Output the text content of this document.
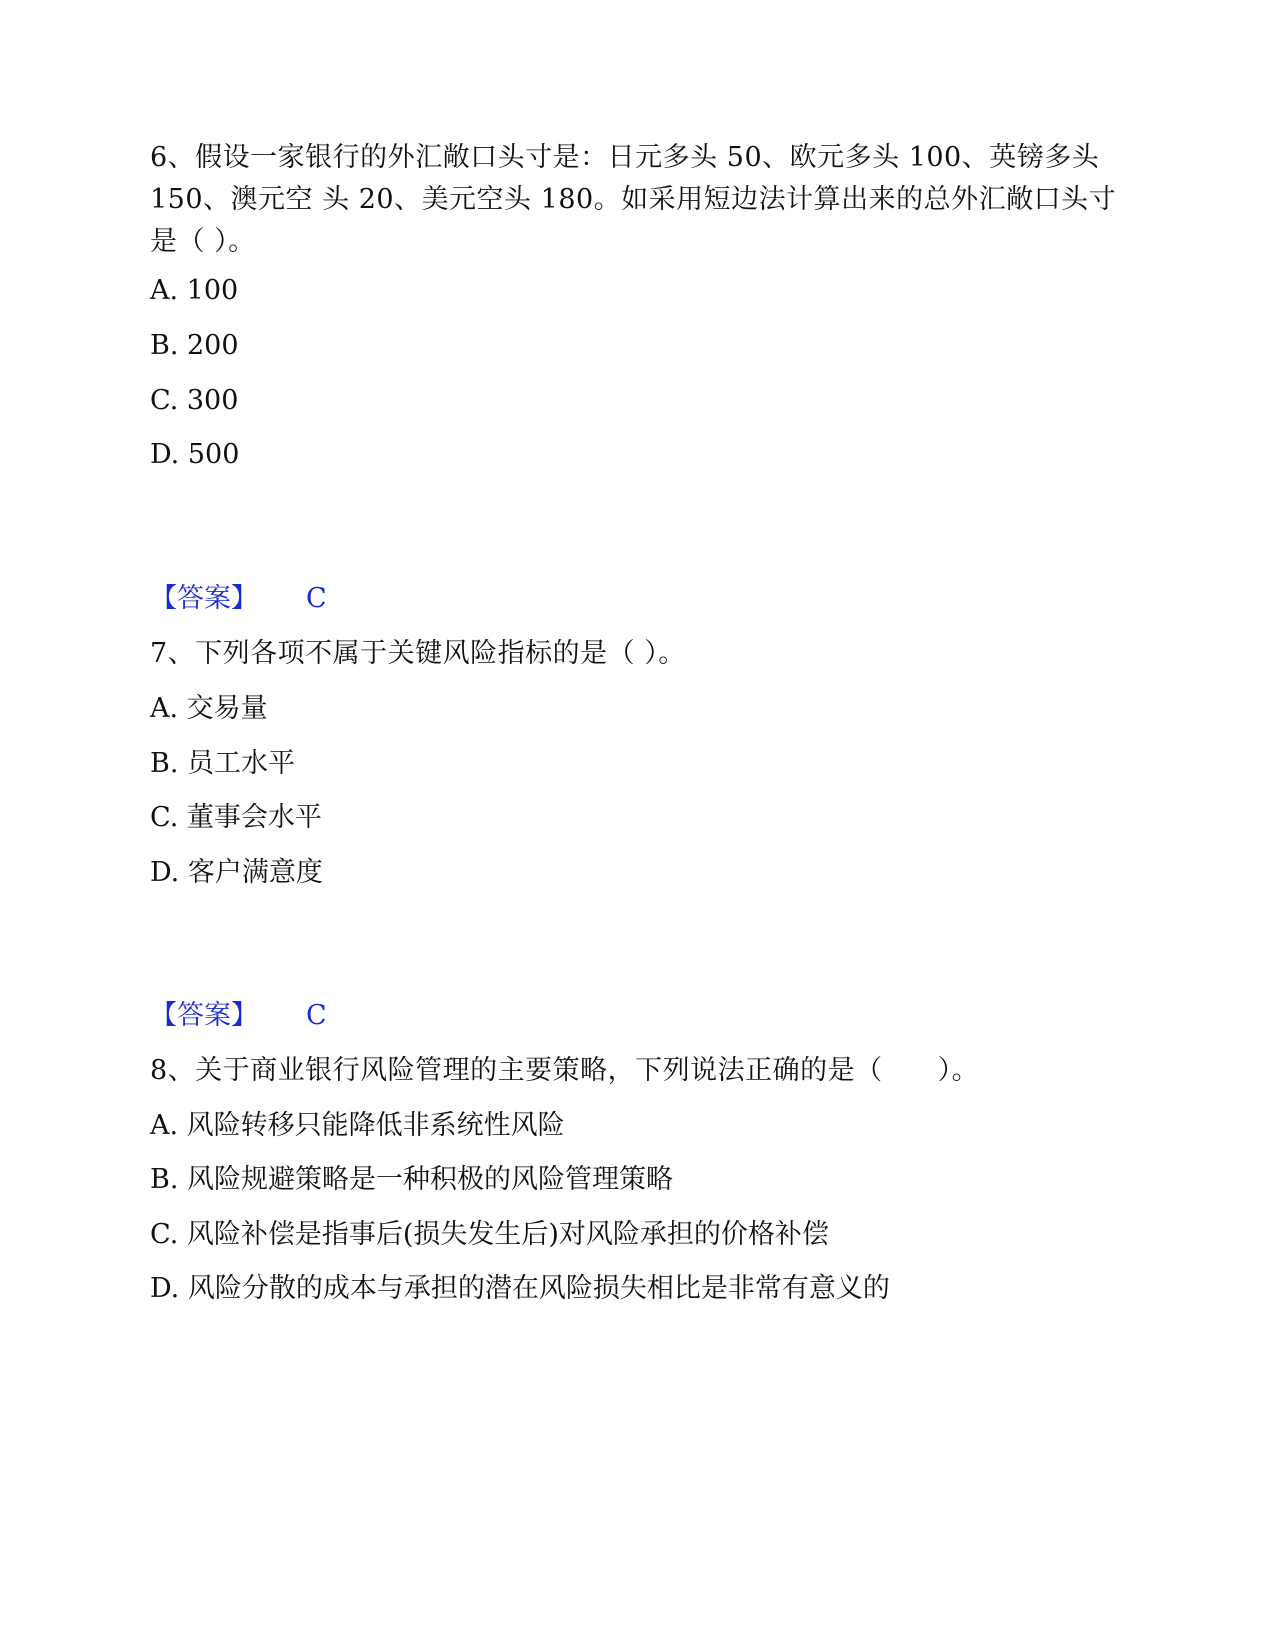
6、假设一家银行的外汇敞口头寸是：日元多头 50、欧元多头 100、英镑多头 150、澳元空 头 20、美元空头 180。如采用短边法计算出来的总外汇敞口头寸是（ ）。

A. 100

B. 200

C. 300

D. 500

【答案】 C

7、下列各项不属于关键风险指标的是（ ）。

A. 交易量

B. 员工水平

C. 董事会水平

D. 客户满意度

【答案】 C

8、关于商业银行风险管理的主要策略，下列说法正确的是（　　）。

A. 风险转移只能降低非系统性风险

B. 风险规避策略是一种积极的风险管理策略

C. 风险补偿是指事后(损失发生后)对风险承担的价格补偿

D. 风险分散的成本与承担的潜在风险损失相比是非常有意义的
